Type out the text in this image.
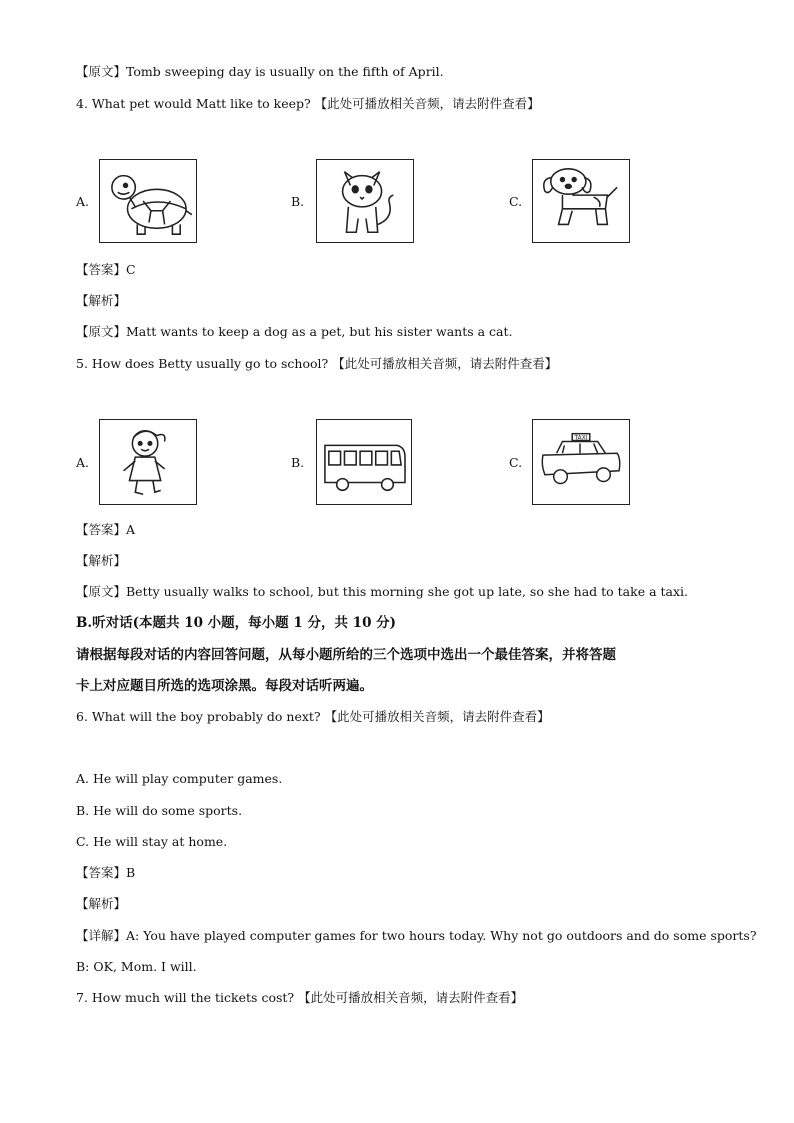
【原文】Tomb sweeping day is usually on the fifth of April.
4. What pet would Matt like to keep? 【此处可播放相关音频，请去附件查看】
A.	B.	C.
【答案】C
【解析】
【原文】Matt wants to keep a dog as a pet, but his sister wants a cat.
5. How does Betty usually go to school? 【此处可播放相关音频，请去附件查看】
A.	B.	C.
TAXI
【答案】A
【解析】
【原文】Betty usually walks to school, but this morning she got up late, so she had to take a taxi.
B.听对话(本题共 10 小题，每小题 1 分，共 10 分)
请根据每段对话的内容回答问题，从每小题所给的三个选项中选出一个最佳答案，并将答题
卡上对应题目所选的选项涂黑。每段对话听两遍。
6. What will the boy probably do next? 【此处可播放相关音频，请去附件查看】
A. He will play computer games.
B. He will do some sports.
C. He will stay at home.
【答案】B
【解析】
【详解】A: You have played computer games for two hours today. Why not go outdoors and do some sports?
B: OK, Mom. I will.
7. How much will the tickets cost? 【此处可播放相关音频，请去附件查看】
